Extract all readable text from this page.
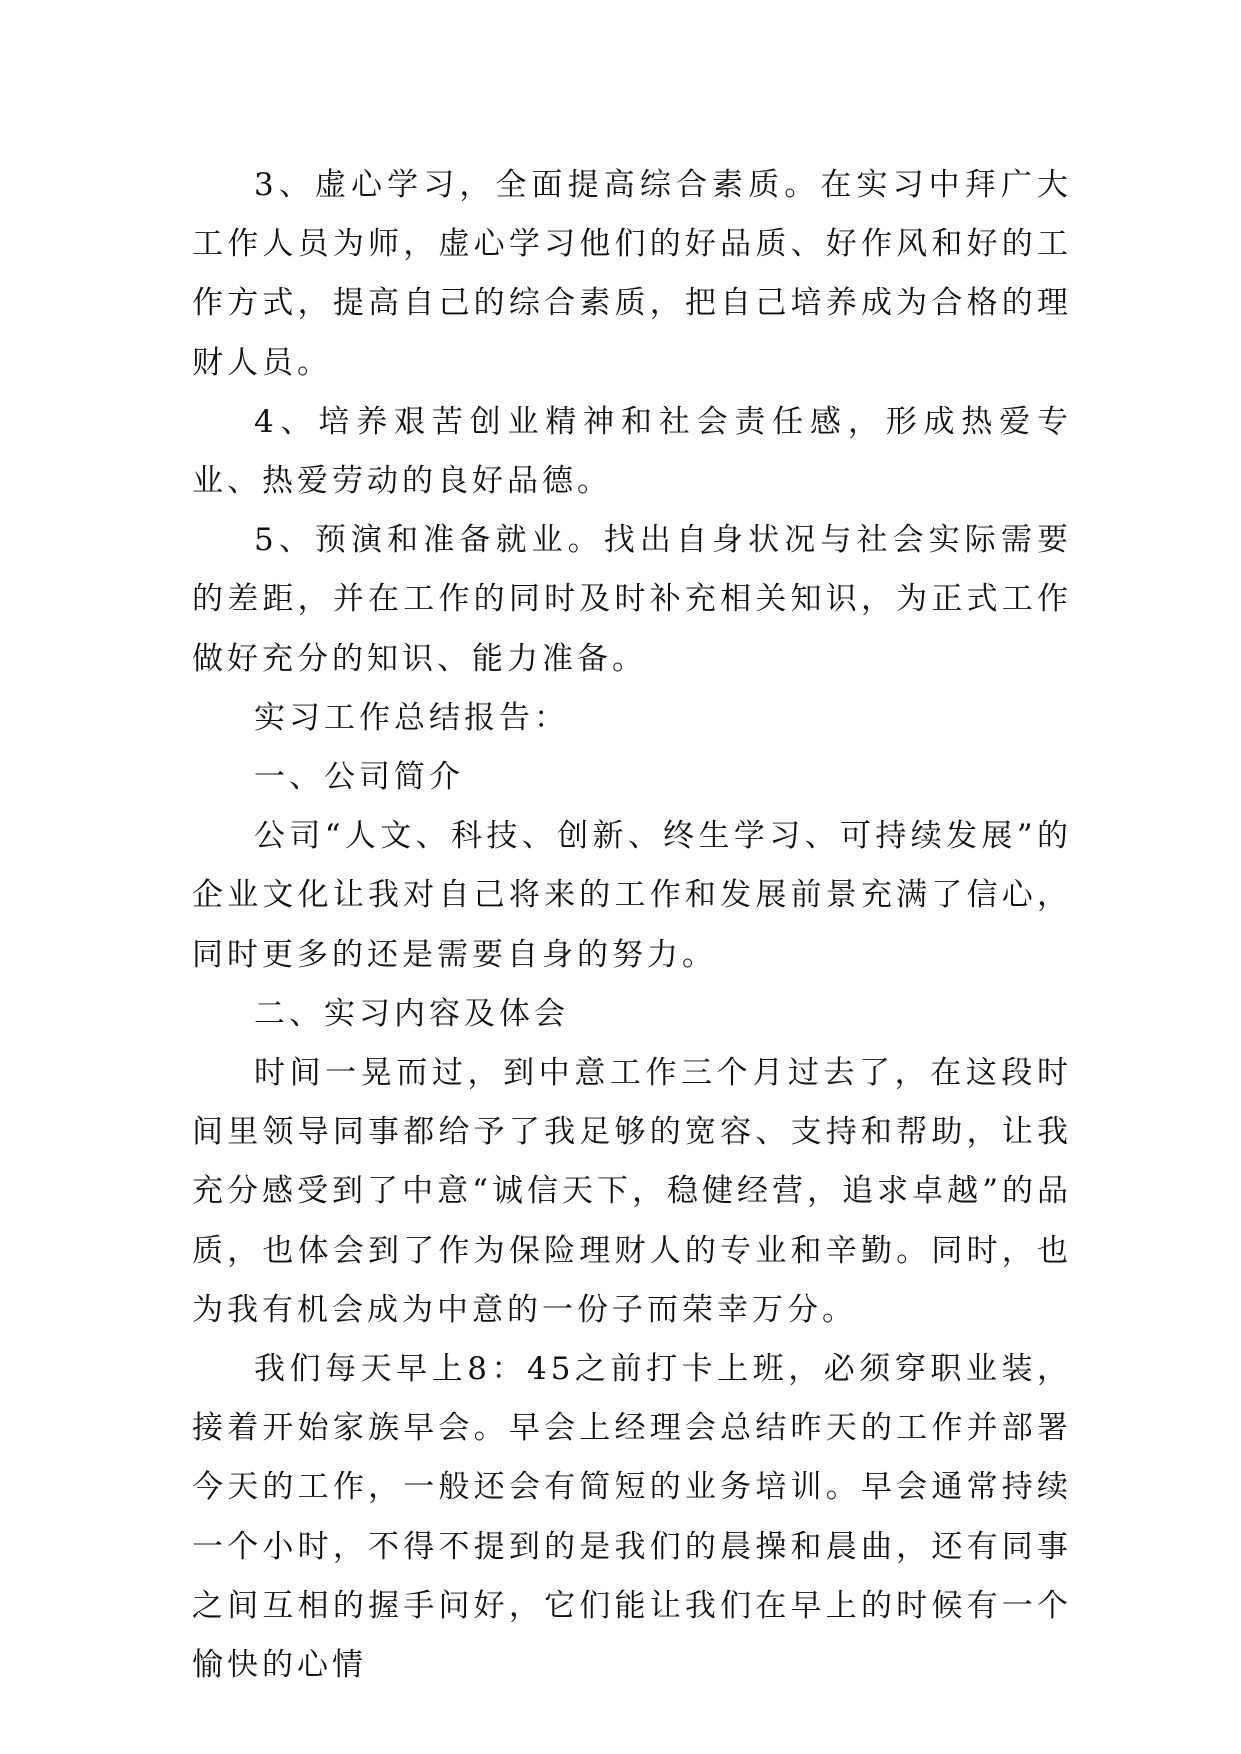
3、虚心学习，全面提高综合素质。在实习中拜广大工作人员为师，虚心学习他们的好品质、好作风和好的工作方式，提高自己的综合素质，把自己培养成为合格的理财人员。

4、培养艰苦创业精神和社会责任感，形成热爱专业、热爱劳动的良好品德。

5、预演和准备就业。找出自身状况与社会实际需要的差距，并在工作的同时及时补充相关知识，为正式工作做好充分的知识、能力准备。

实习工作总结报告：

一、公司简介

公司“人文、科技、创新、终生学习、可持续发展”的企业文化让我对自己将来的工作和发展前景充满了信心，同时更多的还是需要自身的努力。

二、实习内容及体会

时间一晃而过，到中意工作三个月过去了，在这段时间里领导同事都给予了我足够的宽容、支持和帮助，让我充分感受到了中意“诚信天下，稳健经营，追求卓越”的品质，也体会到了作为保险理财人的专业和辛勤。同时，也为我有机会成为中意的一份子而荣幸万分。

我们每天早上8：45之前打卡上班，必须穿职业装，接着开始家族早会。早会上经理会总结昨天的工作并部署今天的工作，一般还会有简短的业务培训。早会通常持续一个小时，不得不提到的是我们的晨操和晨曲，还有同事之间互相的握手问好，它们能让我们在早上的时候有一个愉快的心情
